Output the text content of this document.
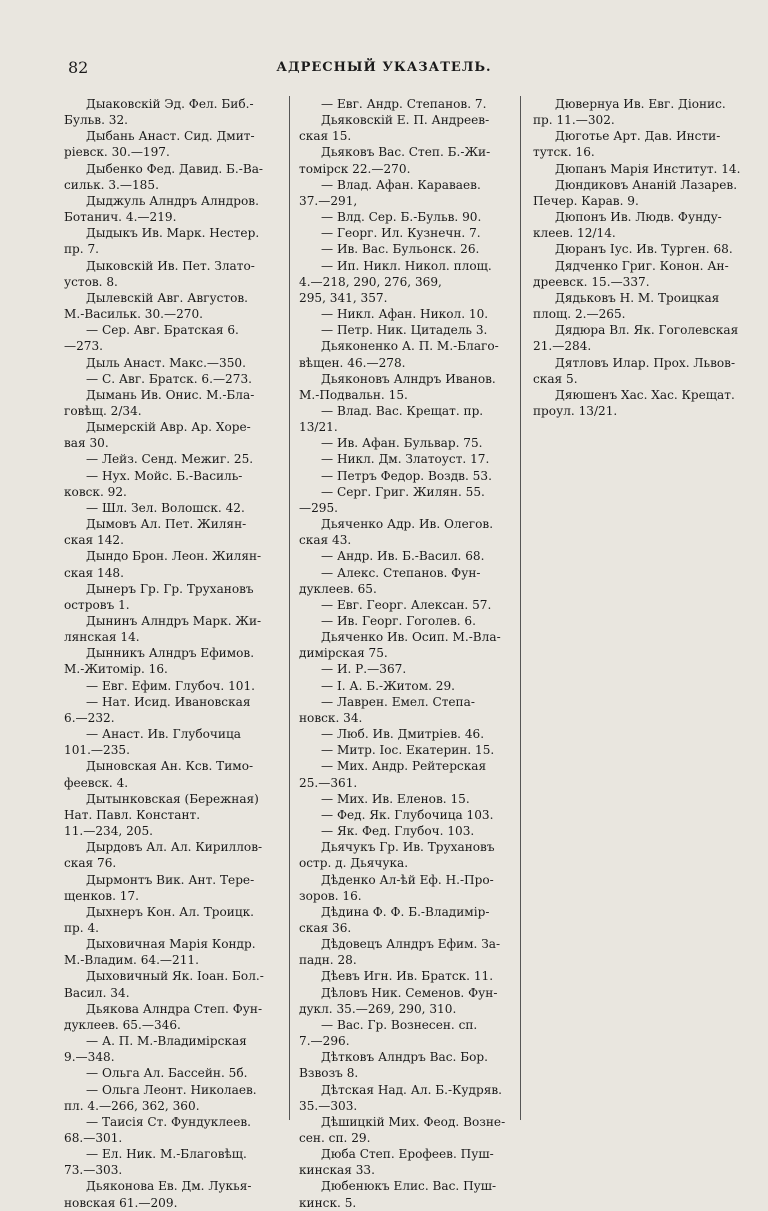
82	АДРЕСНЫЙ УКАЗАТЕЛЬ.
Дыаковскій Эд. Фел. Биб.-
Бульв. 32.
Дыбань Анаст. Сид. Дмит-
ріевск. 30.—197.
Дыбенко Фед. Давид. Б.-Ва-
сильк. 3.—185.
Дыджуль Алндръ Алндров.
Ботанич. 4.—219.
Дыдыкъ Ив. Марк. Нестер.
пр. 7.
Дыковскій Ив. Пет. Злато-
устов. 8.
Дылевскій Авг. Августов.
М.-Васильк. 30.—270.
— Сер. Авг. Братская 6.
—273.
Дыль Анаст. Макс.—350.
— С. Авг. Братск. 6.—273.
Дымань Ив. Онис. М.-Бла-
говѣщ. 2/34.
Дымерскій Авр. Ар. Хоре-
вая 30.
— Лейз. Сенд. Межиг. 25.
— Нух. Мойс. Б.-Василь-
ковск. 92.
— Шл. Зел. Волошск. 42.
Дымовъ Ал. Пет. Жилян-
ская 142.
Дындо Брон. Леон. Жилян-
ская 148.
Дынеръ Гр. Гр. Трухановъ
островъ 1.
Дынинъ Алндръ Марк. Жи-
лянская 14.
Дынникъ Алндръ Ефимов.
М.-Житомір. 16.
— Евг. Ефим. Глубоч. 101.
— Нат. Исид. Ивановская
6.—232.
— Анаст. Ив. Глубочица
101.—235.
Дыновская Ан. Ксв. Тимо-
феевск. 4.
Дытынковская (Бережная)
Нат. Павл. Констант.
11.—234, 205.
Дырдовъ Ал. Ал. Кириллов-
ская 76.
Дырмонтъ Вик. Ант. Тере-
щенков. 17.
Дыхнеръ Кон. Ал. Троицк.
пр. 4.
Дыховичная Марія Кондр.
М.-Владим. 64.—211.
Дыховичный Як. Іоан. Бол.-
Васил. 34.
Дьякова Алндра Степ. Фун-
дуклеев. 65.—346.
— А. П. М.-Владимірская
9.—348.
— Ольга Ал. Бассейн. 5б.
— Ольга Леонт. Николаев.
пл. 4.—266, 362, 360.
— Таисія Ст. Фундуклеев.
68.—301.
— Ел. Ник. М.-Благовѣщ.
73.—303.
Дьяконова Ев. Дм. Лукья-
новская 61.—209.
— Евг. Андр. Степанов. 7.
Дьяковскій Е. П. Андреев-
ская 15.
Дьяковъ Вас. Степ. Б.-Жи-
томірск 22.—270.
— Влад. Афан. Караваев.
37.—291,
— Влд. Сер. Б.-Бульв. 90.
— Георг. Ил. Кузнечн. 7.
— Ив. Вас. Бульонск. 26.
— Ип. Никл. Никол. площ.
4.—218, 290, 276, 369,
295, 341, 357.
— Никл. Афан. Никол. 10.
— Петр. Ник. Цитадель 3.
Дьяконенко А. П. М.-Благо-
вѣщен. 46.—278.
Дьяконовъ Алндръ Иванов.
М.-Подвальн. 15.
— Влад. Вас. Крещат. пр.
13/21.
— Ив. Афан. Бульвар. 75.
— Никл. Дм. Златоуст. 17.
— Петръ Федор. Воздв. 53.
— Серг. Григ. Жилян. 55.
—295.
Дьяченко Адр. Ив. Олегов.
ская 43.
— Андр. Ив. Б.-Васил. 68.
— Алекс. Степанов. Фун-
дуклеев. 65.
— Евг. Георг. Алексан. 57.
— Ив. Георг. Гоголев. 6.
Дьяченко Ив. Осип. М.-Вла-
димірская 75.
— И. Р.—367.
— І. А. Б.-Житом. 29.
— Лаврен. Емел. Степа-
новск. 34.
— Люб. Ив. Дмитріев. 46.
— Митр. Іос. Екатерин. 15.
— Мих. Андр. Рейтерская
25.—361.
— Мих. Ив. Еленов. 15.
— Фед. Як. Глубочица 103.
— Як. Фед. Глубоч. 103.
Дьячукъ Гр. Ив. Трухановъ
остр. д. Дьячука.
Дѣденко Ал-ѣй Еф. Н.-Про-
зоров. 16.
Дѣдина Ф. Ф. Б.-Владимір-
ская 36.
Дѣдовецъ Алндръ Ефим. За-
падн. 28.
Дѣевъ Игн. Ив. Братск. 11.
Дѣловъ Ник. Семенов. Фун-
дукл. 35.—269, 290, 310.
— Вас. Гр. Вознесен. сп.
7.—296.
Дѣтковъ Алндръ Вас. Бор.
Взвозъ 8.
Дѣтская Над. Ал. Б.-Кудряв.
35.—303.
Дѣшицкій Мих. Феод. Возне-
сен. сп. 29.
Дюба Степ. Ерофеев. Пуш-
кинская 33.
Дюбенюкъ Елис. Вас. Пуш-
кинск. 5.
Дювернуа Ив. Евг. Діонис.
пр. 11.—302.
Дюготье Арт. Дав. Инсти-
тутск. 16.
Дюпанъ Марія Институт. 14.
Дюндиковъ Ананій Лазарев.
Печер. Карав. 9.
Дюпонъ Ив. Людв. Фунду-
клеев. 12/14.
Дюранъ Іус. Ив. Турген. 68.
Дядченко Григ. Конон. Ан-
дреевск. 15.—337.
Дядьковъ Н. М. Троицкая
площ. 2.—265.
Дядюра Вл. Як. Гоголевская
21.—284.
Дятловъ Илар. Прох. Львов-
ская 5.
Дяюшенъ Хас. Хас. Крещат.
проул. 13/21.
